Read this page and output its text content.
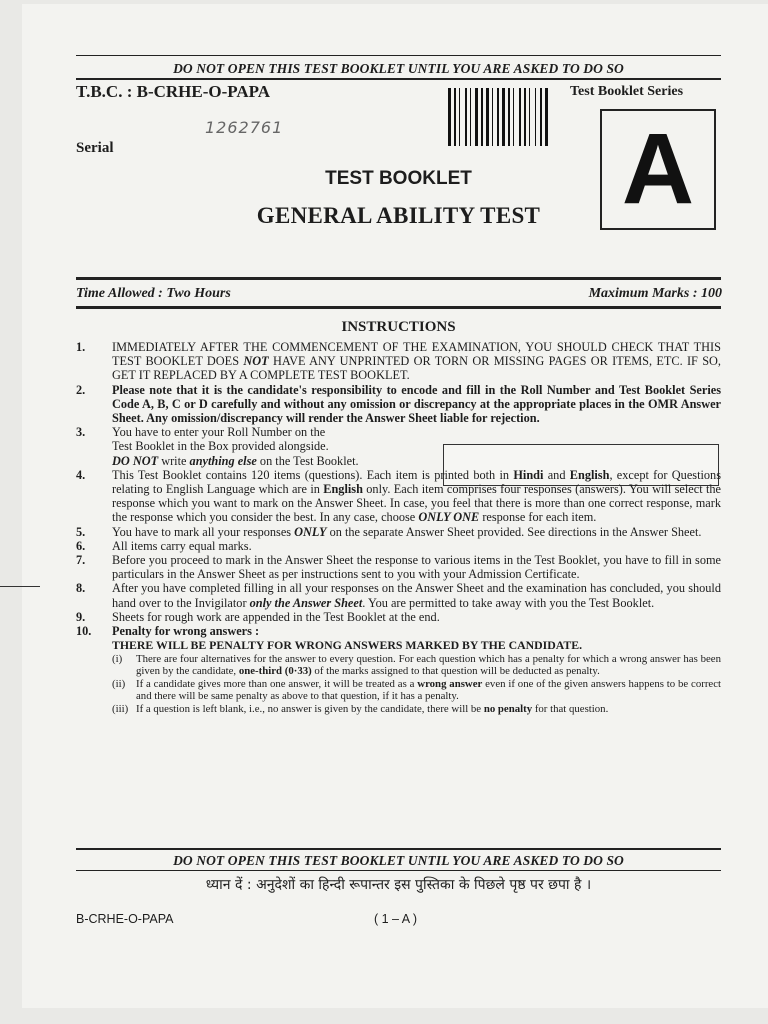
DO NOT OPEN THIS TEST BOOKLET UNTIL YOU ARE ASKED TO DO SO
T.B.C. : B-CRHE-O-PAPA	Test Booklet Series
A
1262761
Serial
TEST BOOKLET
GENERAL ABILITY TEST
Time Allowed : Two Hours	Maximum Marks : 100
INSTRUCTIONS
1.	IMMEDIATELY AFTER THE COMMENCEMENT OF THE EXAMINATION, YOU SHOULD CHECK THAT THIS TEST BOOKLET DOES NOT HAVE ANY UNPRINTED OR TORN OR MISSING PAGES OR ITEMS, ETC. IF SO, GET IT REPLACED BY A COMPLETE TEST BOOKLET.
2.	Please note that it is the candidate's responsibility to encode and fill in the Roll Number and Test Booklet Series Code A, B, C or D carefully and without any omission or discrepancy at the appropriate places in the OMR Answer Sheet. Any omission/discrepancy will render the Answer Sheet liable for rejection.
3.	You have to enter your Roll Number on the
Test Booklet in the Box provided alongside.
DO NOT write anything else on the Test Booklet.
4.	This Test Booklet contains 120 items (questions). Each item is printed both in Hindi and English, except for Questions relating to English Language which are in English only. Each item comprises four responses (answers). You will select the response which you want to mark on the Answer Sheet. In case, you feel that there is more than one correct response, mark the response which you consider the best. In any case, choose ONLY ONE response for each item.
5.	You have to mark all your responses ONLY on the separate Answer Sheet provided. See directions in the Answer Sheet.
6.	All items carry equal marks.
7.	Before you proceed to mark in the Answer Sheet the response to various items in the Test Booklet, you have to fill in some particulars in the Answer Sheet as per instructions sent to you with your Admission Certificate.
8.	After you have completed filling in all your responses on the Answer Sheet and the examination has concluded, you should hand over to the Invigilator only the Answer Sheet. You are permitted to take away with you the Test Booklet.
9.	Sheets for rough work are appended in the Test Booklet at the end.
10.	Penalty for wrong answers :
THERE WILL BE PENALTY FOR WRONG ANSWERS MARKED BY THE CANDIDATE.
(i)	There are four alternatives for the answer to every question. For each question which has a penalty for which a wrong answer has been given by the candidate, one-third (0·33) of the marks assigned to that question will be deducted as penalty.
(ii) If a candidate gives more than one answer, it will be treated as a wrong answer even if one of the given answers happens to be correct and there will be same penalty as above to that question, if it has a penalty.
(iii) If a question is left blank, i.e., no answer is given by the candidate, there will be no penalty for that question.
DO NOT OPEN THIS TEST BOOKLET UNTIL YOU ARE ASKED TO DO SO
ध्यान दें : अनुदेशों का हिन्दी रूपान्तर इस पुस्तिका के पिछले पृष्ठ पर छपा है ।
B-CRHE-O-PAPA	( 1 – A )
